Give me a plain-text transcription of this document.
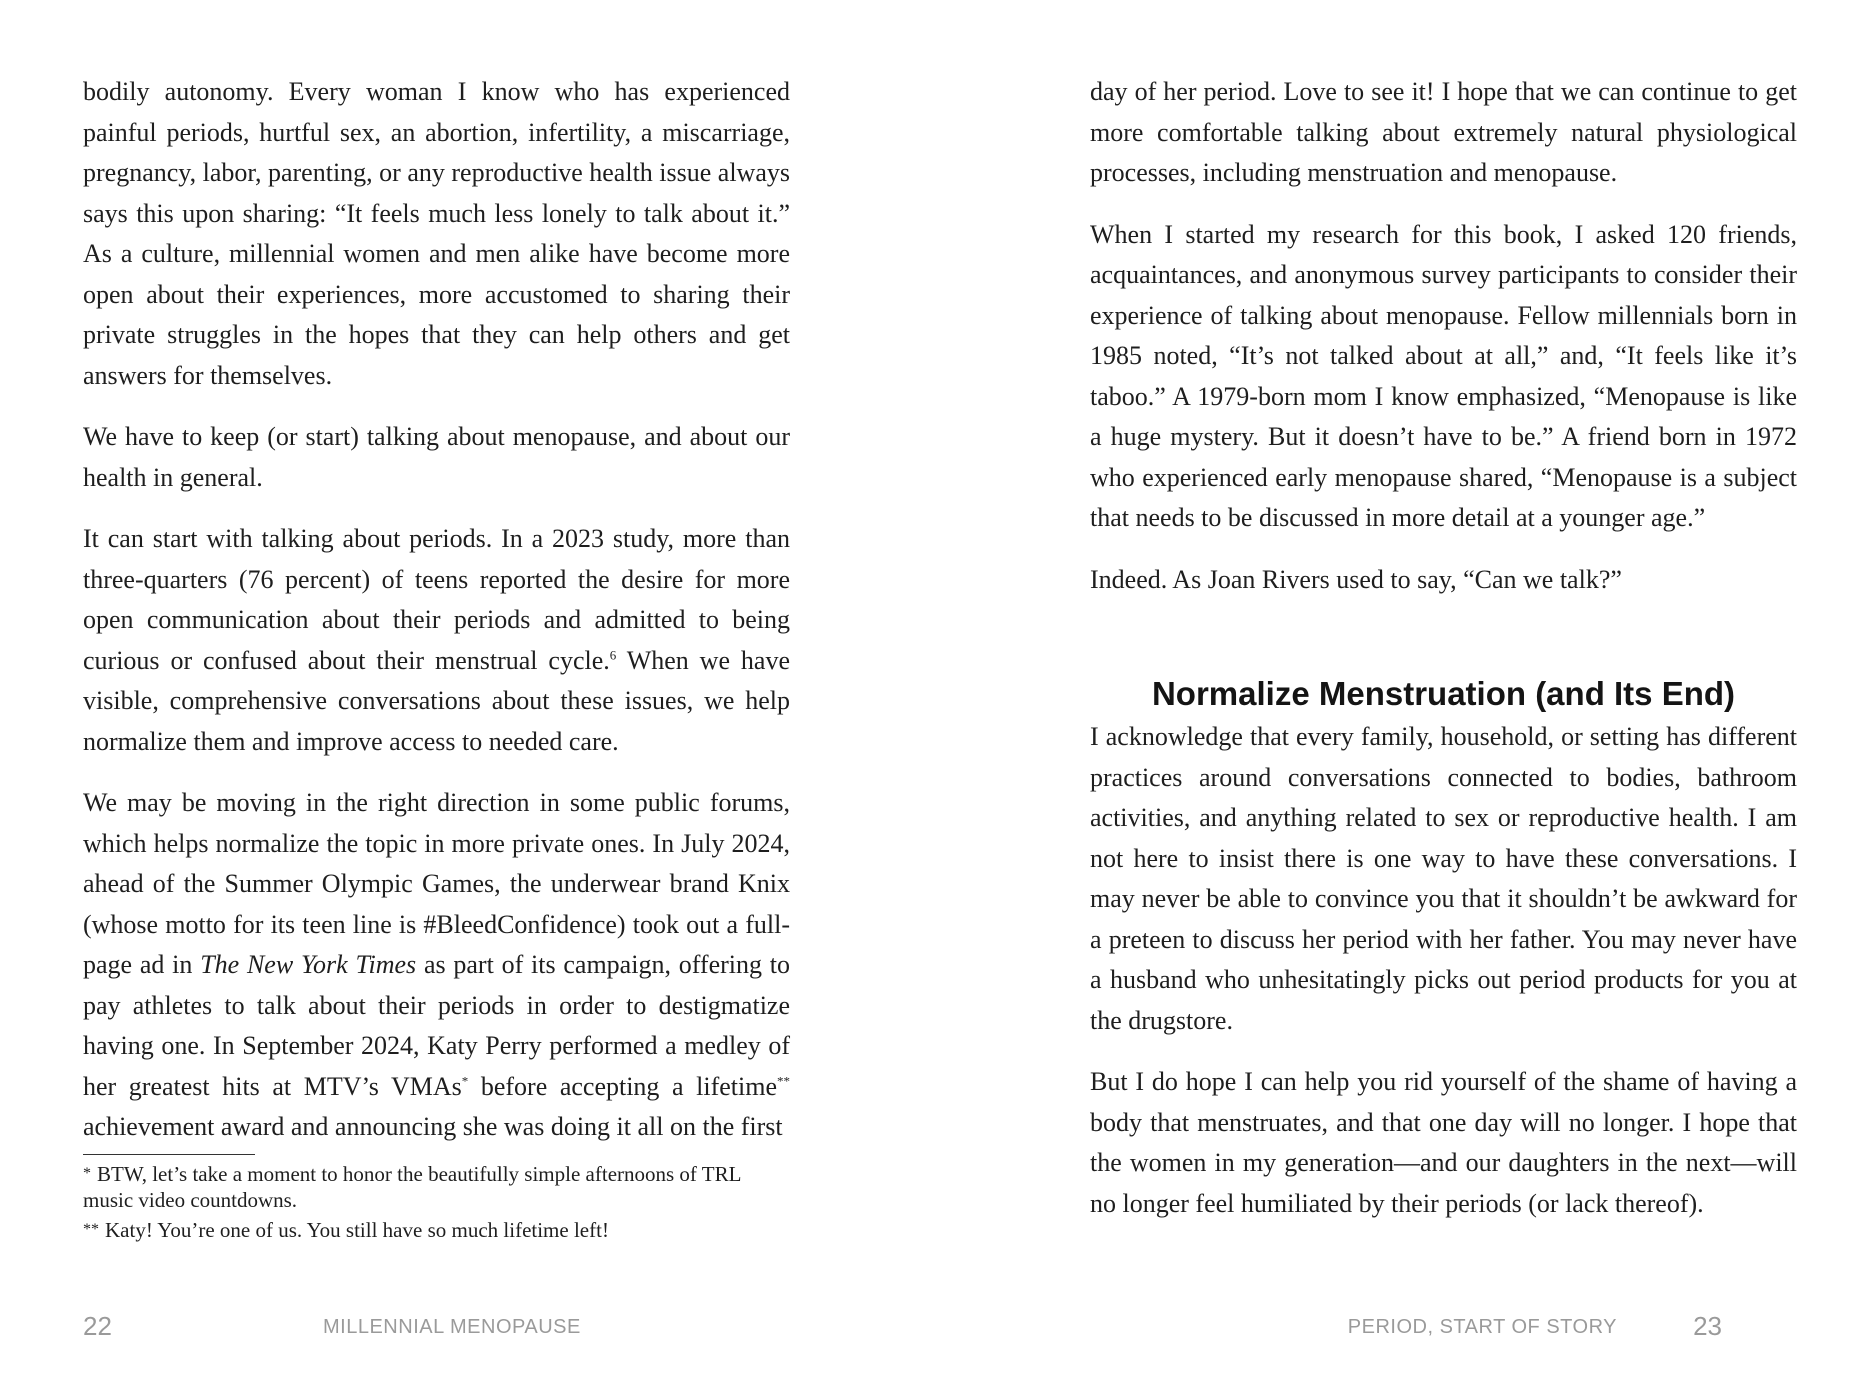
bodily autonomy. Every woman I know who has experienced painful periods, hurtful sex, an abortion, infertility, a miscarriage, pregnancy, labor, parenting, or any reproductive health issue always says this upon sharing: “It feels much less lonely to talk about it.” As a culture, millennial women and men alike have become more open about their experiences, more accustomed to sharing their private struggles in the hopes that they can help others and get answers for themselves.

We have to keep (or start) talking about menopause, and about our health in general.

It can start with talking about periods. In a 2023 study, more than three-quarters (76 percent) of teens reported the desire for more open communication about their periods and admitted to being curious or confused about their menstrual cycle.$^6$ When we have visible, comprehensive conversations about these issues, we help normalize them and improve access to needed care.

We may be moving in the right direction in some public forums, which helps normalize the topic in more private ones. In July 2024, ahead of the Summer Olympic Games, the underwear brand Knix (whose motto for its teen line is #BleedConfidence) took out a full-page ad in The New York Times as part of its campaign, offering to pay athletes to talk about their periods in order to destigmatize having one. In September 2024, Katy Perry performed a medley of her greatest hits at MTV’s VMAs* before accepting a lifetime** achievement award and announcing she was doing it all on the first

* BTW, let’s take a moment to honor the beautifully simple afternoons of TRL music video countdowns.

** Katy! You’re one of us. You still have so much lifetime left!

22	MILLENNIAL MENOPAUSE

day of her period. Love to see it! I hope that we can continue to get more comfortable talking about extremely natural physiological processes, including menstruation and menopause.

When I started my research for this book, I asked 120 friends, acquaintances, and anonymous survey participants to consider their experience of talking about menopause. Fellow millennials born in 1985 noted, “It’s not talked about at all,” and, “It feels like it’s taboo.” A 1979-born mom I know emphasized, “Menopause is like a huge mystery. But it doesn’t have to be.” A friend born in 1972 who experienced early menopause shared, “Menopause is a subject that needs to be discussed in more detail at a younger age.”

Indeed. As Joan Rivers used to say, “Can we talk?”

Normalize Menstruation (and Its End)

I acknowledge that every family, household, or setting has different practices around conversations connected to bodies, bathroom activities, and anything related to sex or reproductive health. I am not here to insist there is one way to have these conversations. I may never be able to convince you that it shouldn’t be awkward for a preteen to discuss her period with her father. You may never have a husband who unhesitatingly picks out period products for you at the drugstore.

But I do hope I can help you rid yourself of the shame of having a body that menstruates, and that one day will no longer. I hope that the women in my generation—and our daughters in the next—will no longer feel humiliated by their periods (or lack thereof).

PERIOD, START OF STORY	23
